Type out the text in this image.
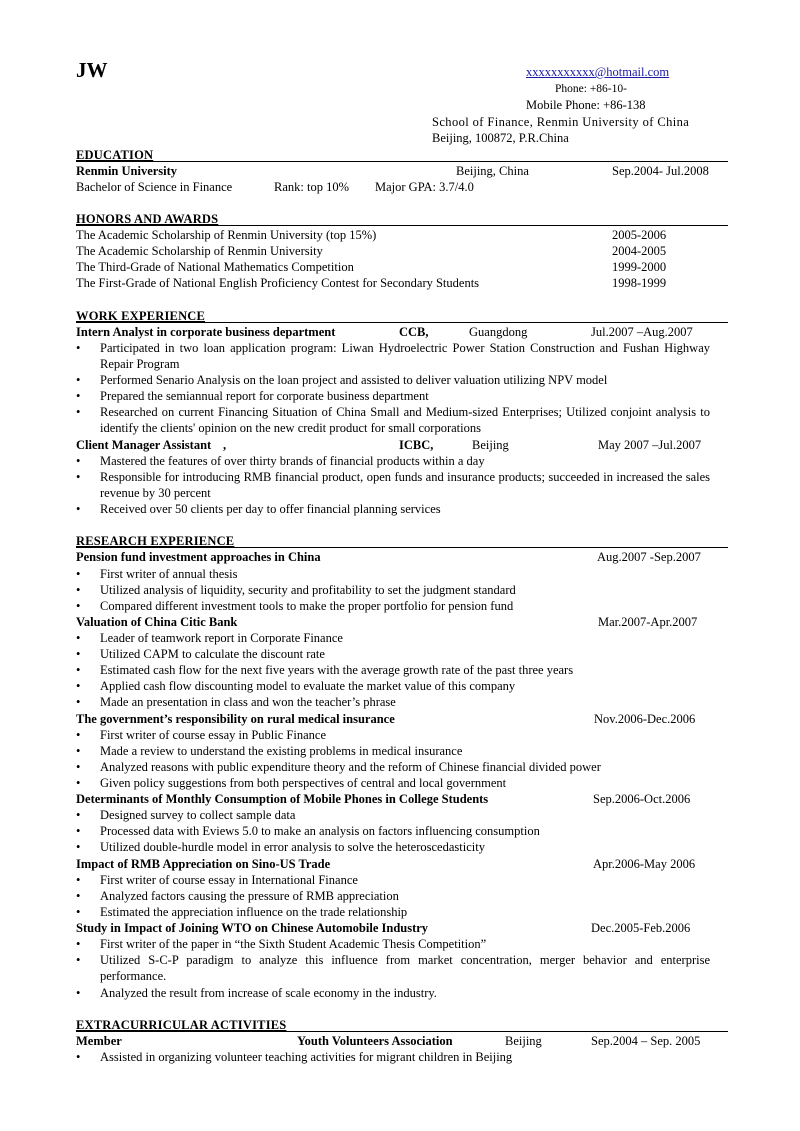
JW	xxxxxxxxxxx@hotmail.com
Phone: +86-10-
Mobile Phone: +86-138
School of Finance, Renmin University of China
Beijing, 100872, P.R.China
EDUCATION
Renmin University	Beijing, China	Sep.2004- Jul.2008
Bachelor of Science in Finance	Rank: top 10% Major GPA: 3.7/4.0
HONORS AND AWARDS
The Academic Scholarship of Renmin University (top 15%)	2005-2006
The Academic Scholarship of Renmin University	2004-2005
The Third-Grade of National Mathematics Competition	1999-2000
The First-Grade of National English Proficiency Contest for Secondary Students	1998-1999
WORK EXPERIENCE
Intern Analyst in corporate business department	CCB,	Guangdong	Jul.2007 –Aug.2007
•	Participated in two loan application program: Liwan Hydroelectric Power Station Construction and Fushan Highway Repair Program
•	Performed Senario Analysis on the loan project and assisted to deliver valuation utilizing NPV model
•	Prepared the semiannual report for corporate business department
•	Researched on current Financing Situation of China Small and Medium-sized Enterprises; Utilized conjoint analysis to identify the clients' opinion on the new credit product for small corporations
Client Manager Assistant ,	ICBC,	Beijing	May 2007 –Jul.2007
•	Mastered the features of over thirty brands of financial products within a day
•	Responsible for introducing RMB financial product, open funds and insurance products; succeeded in increased the sales revenue by 30 percent
•	Received over 50 clients per day to offer financial planning services
RESEARCH EXPERIENCE
Pension fund investment approaches in China	Aug.2007 -Sep.2007
•	First writer of annual thesis
•	Utilized analysis of liquidity, security and profitability to set the judgment standard
•	Compared different investment tools to make the proper portfolio for pension fund
Valuation of China Citic Bank	Mar.2007-Apr.2007
•	Leader of teamwork report in Corporate Finance
•	Utilized CAPM to calculate the discount rate
•	Estimated cash flow for the next five years with the average growth rate of the past three years
•	Applied cash flow discounting model to evaluate the market value of this company
•	Made an presentation in class and won the teacher’s phrase
The government’s responsibility on rural medical insurance	Nov.2006-Dec.2006
•	First writer of course essay in Public Finance
•	Made a review to understand the existing problems in medical insurance
•	Analyzed reasons with public expenditure theory and the reform of Chinese financial divided power
•	Given policy suggestions from both perspectives of central and local government
Determinants of Monthly Consumption of Mobile Phones in College Students	Sep.2006-Oct.2006
•	Designed survey to collect sample data
•	Processed data with Eviews 5.0 to make an analysis on factors influencing consumption
•	Utilized double-hurdle model in error analysis to solve the heteroscedasticity
Impact of RMB Appreciation on Sino-US Trade	Apr.2006-May 2006
•	First writer of course essay in International Finance
•	Analyzed factors causing the pressure of RMB appreciation
•	Estimated the appreciation influence on the trade relationship
Study in Impact of Joining WTO on Chinese Automobile Industry	Dec.2005-Feb.2006
•	First writer of the paper in “the Sixth Student Academic Thesis Competition”
•	Utilized S-C-P paradigm to analyze this influence from market concentration, merger behavior and enterprise performance.
•	Analyzed the result from increase of scale economy in the industry.
EXTRACURRICULAR ACTIVITIES
Member	Youth Volunteers Association	Beijing	Sep.2004 – Sep. 2005
•	Assisted in organizing volunteer teaching activities for migrant children in Beijing
